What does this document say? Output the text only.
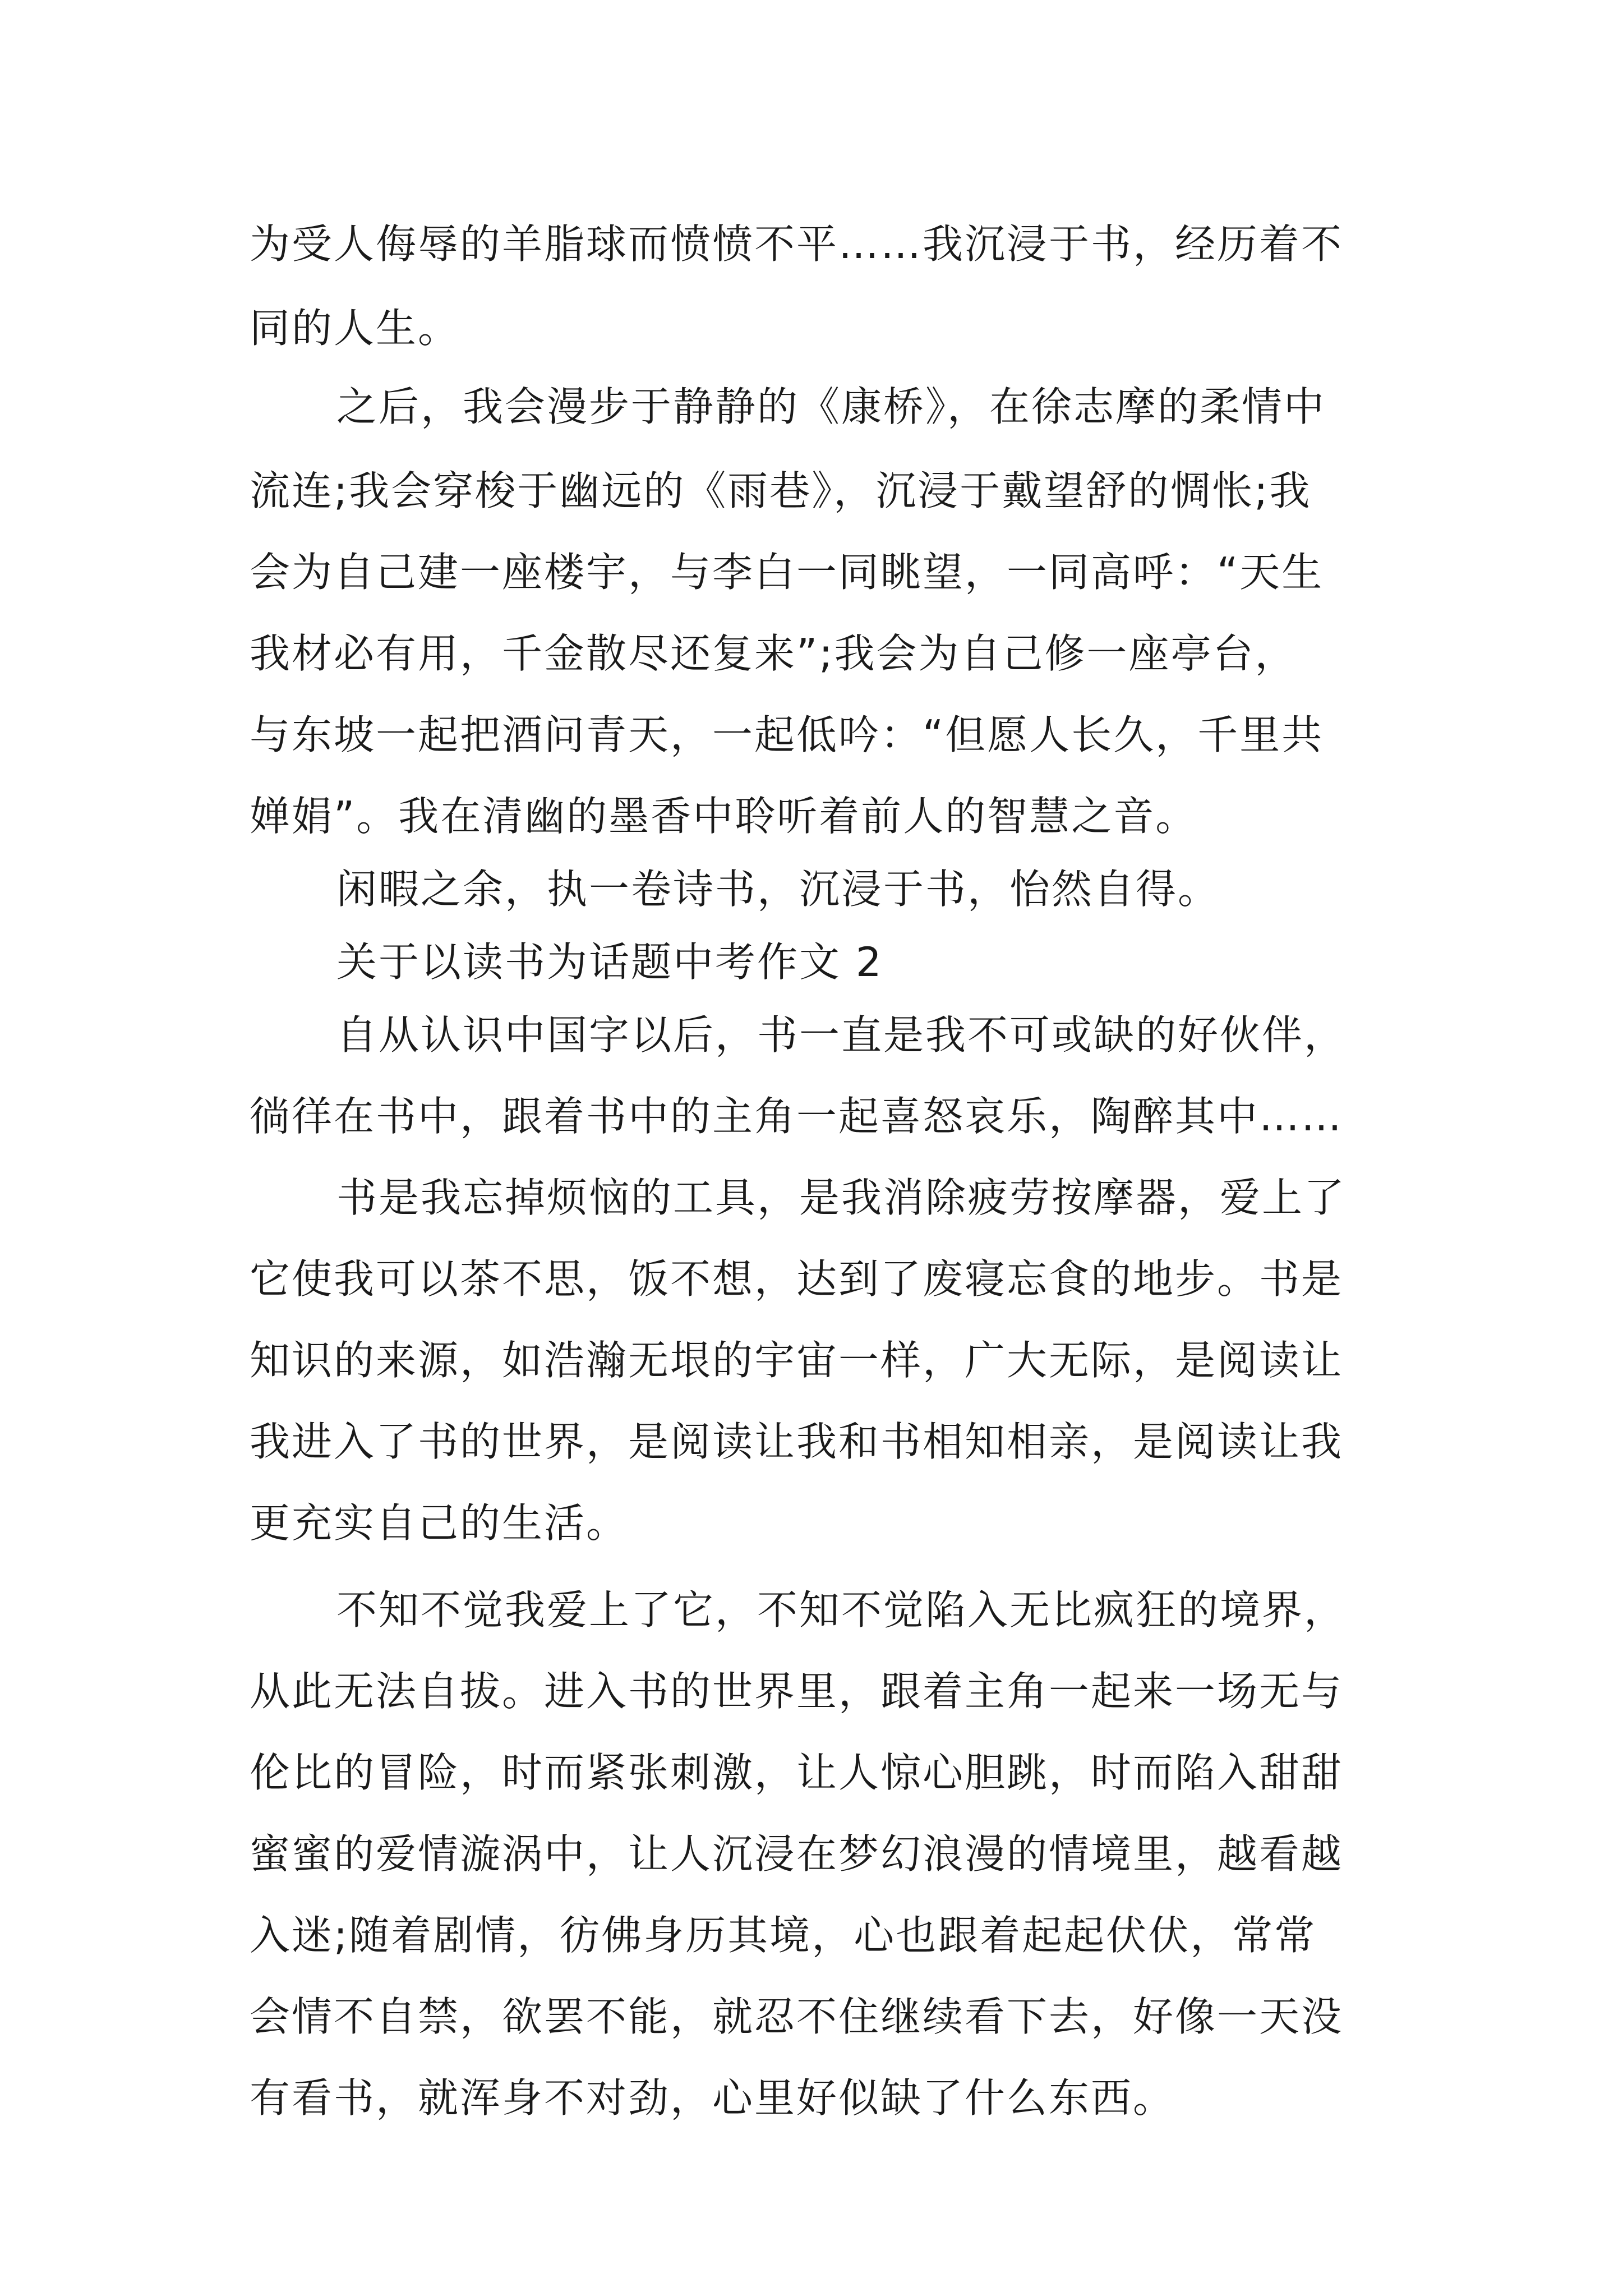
为受人侮辱的羊脂球而愤愤不平……我沉浸于书，经历着不
同的人生。
之后，我会漫步于静静的《康桥》，在徐志摩的柔情中
流连;我会穿梭于幽远的《雨巷》，沉浸于戴望舒的惆怅;我
会为自己建一座楼宇，与李白一同眺望，一同高呼：“天生
我材必有用，千金散尽还复来”;我会为自己修一座亭台，
与东坡一起把酒问青天，一起低吟：“但愿人长久，千里共
婵娟”。我在清幽的墨香中聆听着前人的智慧之音。
闲暇之余，执一卷诗书，沉浸于书，怡然自得。
关于以读书为话题中考作文 2
自从认识中国字以后，书一直是我不可或缺的好伙伴，
徜徉在书中，跟着书中的主角一起喜怒哀乐，陶醉其中……
书是我忘掉烦恼的工具，是我消除疲劳按摩器，爱上了
它使我可以茶不思，饭不想，达到了废寝忘食的地步。书是
知识的来源，如浩瀚无垠的宇宙一样，广大无际，是阅读让
我进入了书的世界，是阅读让我和书相知相亲，是阅读让我
更充实自己的生活。
不知不觉我爱上了它，不知不觉陷入无比疯狂的境界，
从此无法自拔。进入书的世界里，跟着主角一起来一场无与
伦比的冒险，时而紧张刺激，让人惊心胆跳，时而陷入甜甜
蜜蜜的爱情漩涡中，让人沉浸在梦幻浪漫的情境里，越看越
入迷;随着剧情，彷佛身历其境，心也跟着起起伏伏，常常
会情不自禁，欲罢不能，就忍不住继续看下去，好像一天没
有看书，就浑身不对劲，心里好似缺了什么东西。
